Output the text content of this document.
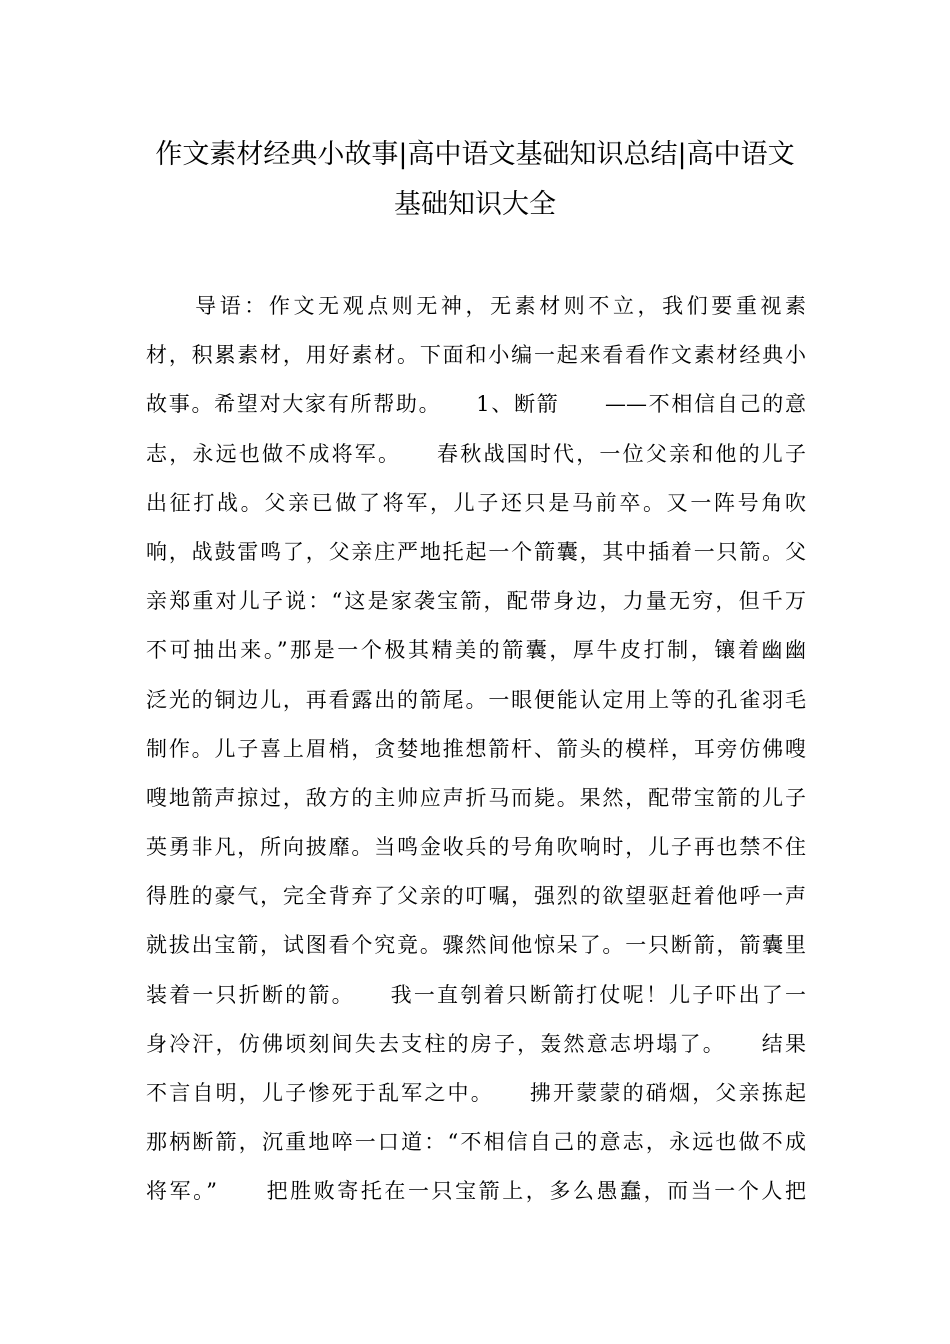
作文素材经典小故事|高中语文基础知识总结|高中语文
基础知识大全
　　导语：作文无观点则无神，无素材则不立，我们要重视素
材，积累素材，用好素材。下面和小编一起来看看作文素材经典小
故事。希望对大家有所帮助。　　1、断箭　　——不相信自己的意
志，永远也做不成将军。　　春秋战国时代，一位父亲和他的儿子
出征打战。父亲已做了将军，儿子还只是马前卒。又一阵号角吹
响，战鼓雷鸣了，父亲庄严地托起一个箭囊，其中插着一只箭。父
亲郑重对儿子说：“这是家袭宝箭，配带身边，力量无穷，但千万
不可抽出来。”那是一个极其精美的箭囊，厚牛皮打制，镶着幽幽
泛光的铜边儿，再看露出的箭尾。一眼便能认定用上等的孔雀羽毛
制作。儿子喜上眉梢，贪婪地推想箭杆、箭头的模样，耳旁仿佛嗖
嗖地箭声掠过，敌方的主帅应声折马而毙。果然，配带宝箭的儿子
英勇非凡，所向披靡。当鸣金收兵的号角吹响时，儿子再也禁不住
得胜的豪气，完全背弃了父亲的叮嘱，强烈的欲望驱赶着他呼一声
就拔出宝箭，试图看个究竟。骤然间他惊呆了。一只断箭，箭囊里
装着一只折断的箭。　　我一直刳着只断箭打仗呢！儿子吓出了一
身冷汗，仿佛顷刻间失去支柱的房子，轰然意志坍塌了。　　结果
不言自明，儿子惨死于乱军之中。　　拂开蒙蒙的硝烟，父亲拣起
那柄断箭，沉重地啐一口道：“不相信自己的意志，永远也做不成
将军。”　　把胜败寄托在一只宝箭上，多么愚蠢，而当一个人把
